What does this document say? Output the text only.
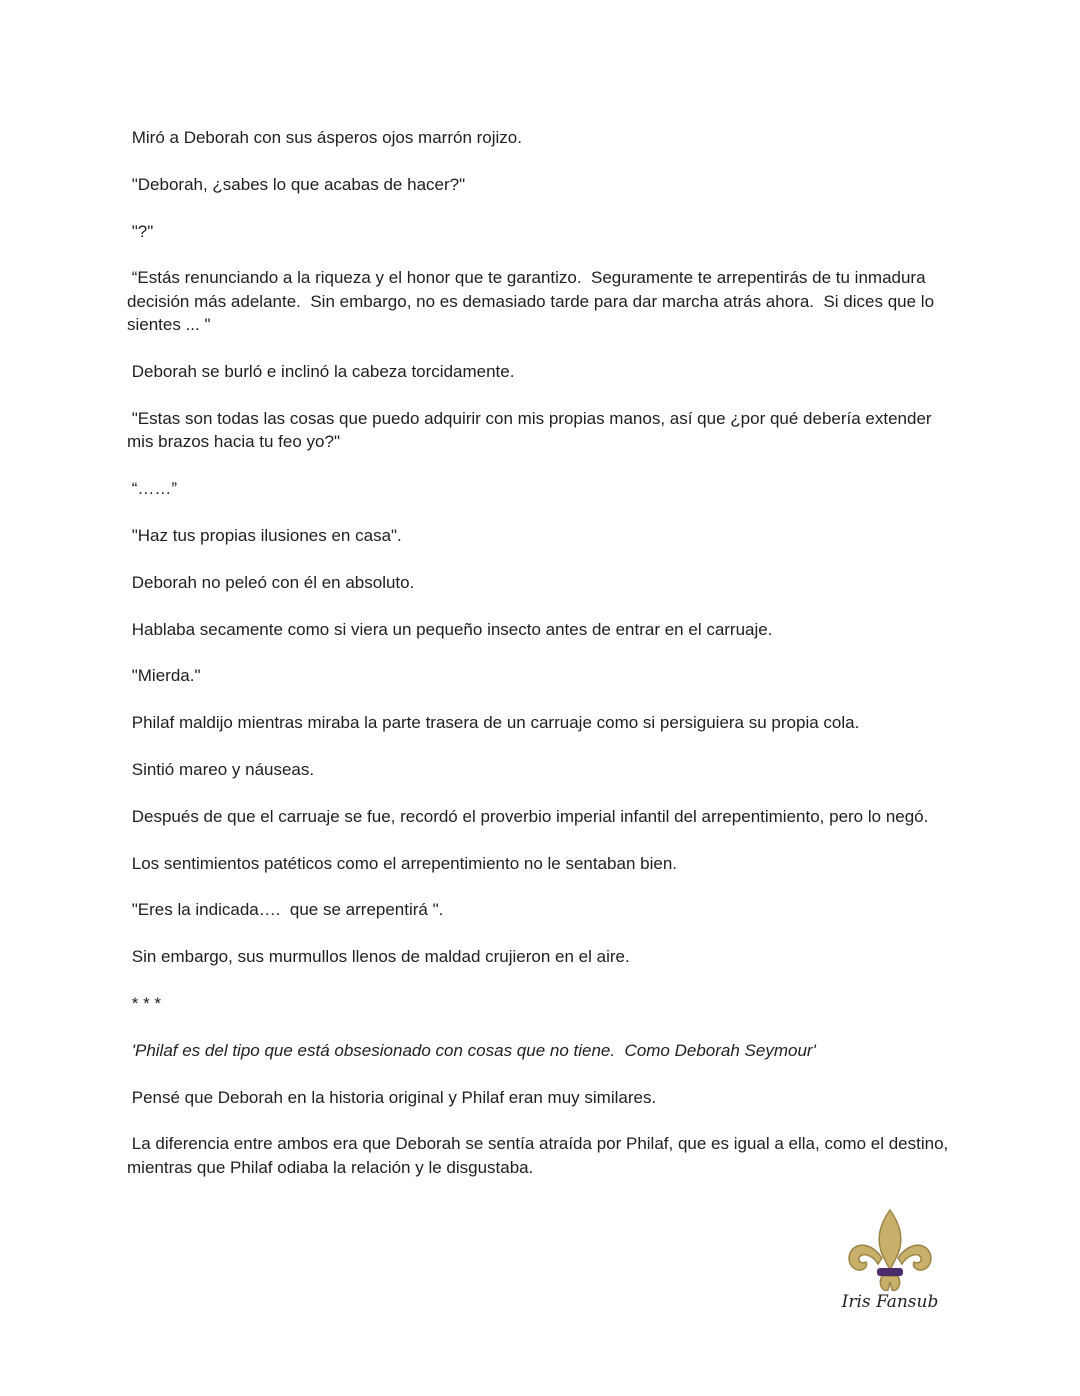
Miró a Deborah con sus ásperos ojos marrón rojizo.

"Deborah, ¿sabes lo que acabas de hacer?"

"?"

“Estás renunciando a la riqueza y el honor que te garantizo.  Seguramente te arrepentirás de tu inmadura decisión más adelante.  Sin embargo, no es demasiado tarde para dar marcha atrás ahora.  Si dices que lo sientes ... "

Deborah se burló e inclinó la cabeza torcidamente.

"Estas son todas las cosas que puedo adquirir con mis propias manos, así que ¿por qué debería extender mis brazos hacia tu feo yo?"

“……”

"Haz tus propias ilusiones en casa".

Deborah no peleó con él en absoluto.

Hablaba secamente como si viera un pequeño insecto antes de entrar en el carruaje.

"Mierda."

Philaf maldijo mientras miraba la parte trasera de un carruaje como si persiguiera su propia cola.

Sintió mareo y náuseas.

Después de que el carruaje se fue, recordó el proverbio imperial infantil del arrepentimiento, pero lo negó.

Los sentimientos patéticos como el arrepentimiento no le sentaban bien.

"Eres la indicada….  que se arrepentirá ".

Sin embargo, sus murmullos llenos de maldad crujieron en el aire.

* * *

'Philaf es del tipo que está obsesionado con cosas que no tiene.  Como Deborah Seymour'

Pensé que Deborah en la historia original y Philaf eran muy similares.

La diferencia entre ambos era que Deborah se sentía atraída por Philaf, que es igual a ella, como el destino, mientras que Philaf odiaba la relación y le disgustaba.

Iris Fansub
